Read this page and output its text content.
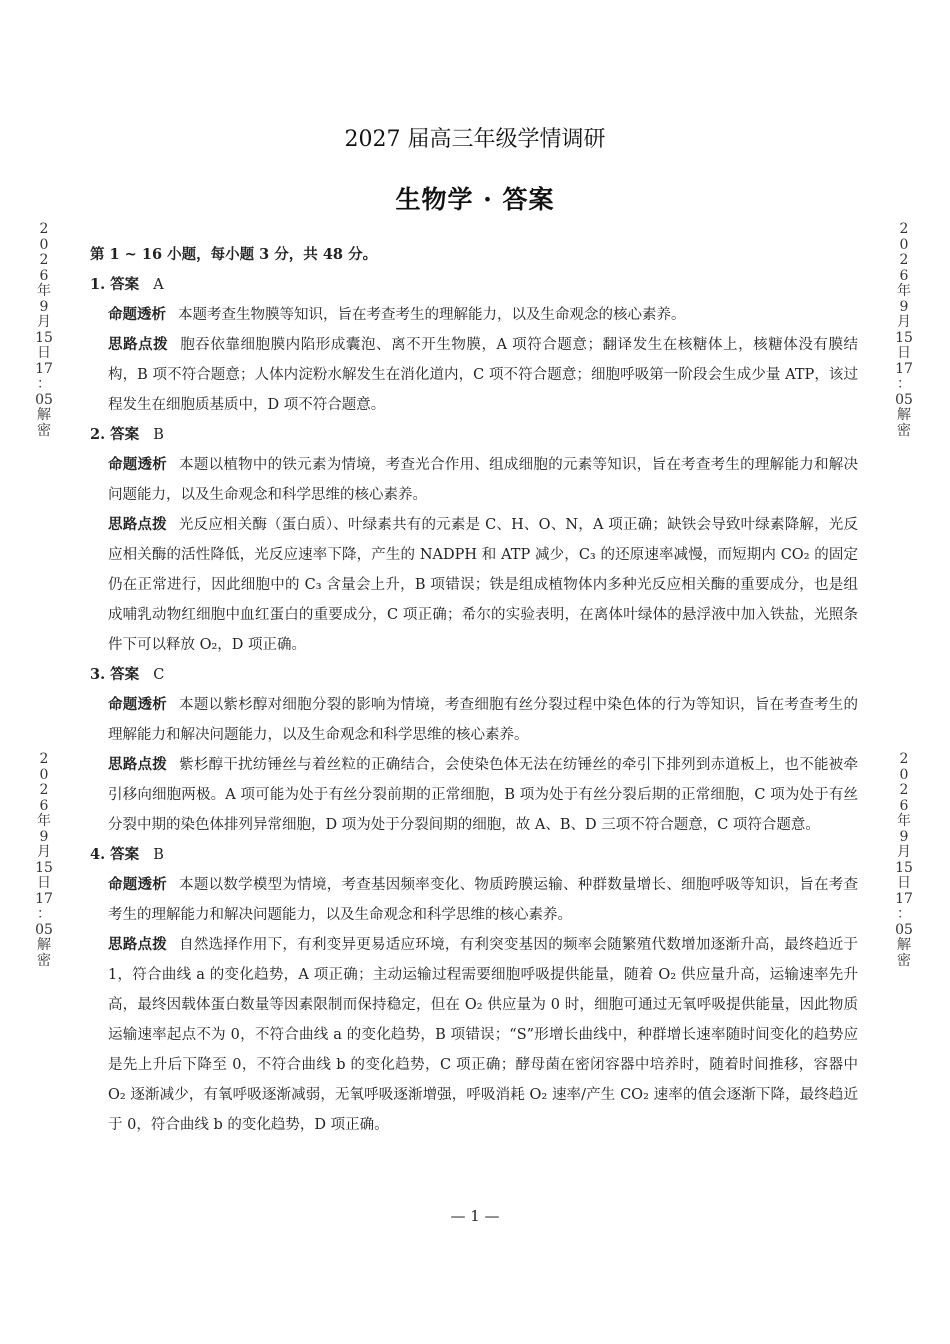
2027 届高三年级学情调研
生物学 · 答案
2
0
2
6
年
9
月
15
日
17
：
05
解
密
2
0
2
6
年
9
月
15
日
17
：
05
解
密
2
0
2
6
年
9
月
15
日
17
：
05
解
密
2
0
2
6
年
9
月
15
日
17
：
05
解
密

第 1 ~ 16 小题，每小题 3 分，共 48 分。

1. 答案 A

命题透析 本题考查生物膜等知识，旨在考查考生的理解能力，以及生命观念的核心素养。

思路点拨 胞吞依靠细胞膜内陷形成囊泡、离不开生物膜，A 项符合题意；翻译发生在核糖体上，核糖体没有膜结构，B 项不符合题意；人体内淀粉水解发生在消化道内，C 项不符合题意；细胞呼吸第一阶段会生成少量 ATP，该过程发生在细胞质基质中，D 项不符合题意。

2. 答案 B

命题透析 本题以植物中的铁元素为情境，考查光合作用、组成细胞的元素等知识，旨在考查考生的理解能力和解决问题能力，以及生命观念和科学思维的核心素养。

思路点拨 光反应相关酶（蛋白质）、叶绿素共有的元素是 C、H、O、N，A 项正确；缺铁会导致叶绿素降解，光反应相关酶的活性降低，光反应速率下降，产生的 NADPH 和 ATP 减少，C₃ 的还原速率减慢，而短期内 CO₂ 的固定仍在正常进行，因此细胞中的 C₃ 含量会上升，B 项错误；铁是组成植物体内多种光反应相关酶的重要成分，也是组成哺乳动物红细胞中血红蛋白的重要成分，C 项正确；希尔的实验表明，在离体叶绿体的悬浮液中加入铁盐，光照条件下可以释放 O₂，D 项正确。

3. 答案 C

命题透析 本题以紫杉醇对细胞分裂的影响为情境，考查细胞有丝分裂过程中染色体的行为等知识，旨在考查考生的理解能力和解决问题能力，以及生命观念和科学思维的核心素养。

思路点拨 紫杉醇干扰纺锤丝与着丝粒的正确结合，会使染色体无法在纺锤丝的牵引下排列到赤道板上，也不能被牵引移向细胞两极。A 项可能为处于有丝分裂前期的正常细胞，B 项为处于有丝分裂后期的正常细胞，C 项为处于有丝分裂中期的染色体排列异常细胞，D 项为处于分裂间期的细胞，故 A、B、D 三项不符合题意，C 项符合题意。

4. 答案 B

命题透析 本题以数学模型为情境，考查基因频率变化、物质跨膜运输、种群数量增长、细胞呼吸等知识，旨在考查考生的理解能力和解决问题能力，以及生命观念和科学思维的核心素养。

思路点拨 自然选择作用下，有利变异更易适应环境，有利突变基因的频率会随繁殖代数增加逐渐升高，最终趋近于 1，符合曲线 a 的变化趋势，A 项正确；主动运输过程需要细胞呼吸提供能量，随着 O₂ 供应量升高，运输速率先升高，最终因载体蛋白数量等因素限制而保持稳定，但在 O₂ 供应量为 0 时，细胞可通过无氧呼吸提供能量，因此物质运输速率起点不为 0，不符合曲线 a 的变化趋势，B 项错误；“S”形增长曲线中，种群增长速率随时间变化的趋势应是先上升后下降至 0，不符合曲线 b 的变化趋势，C 项正确；酵母菌在密闭容器中培养时，随着时间推移，容器中 O₂ 逐渐减少，有氧呼吸逐渐减弱，无氧呼吸逐渐增强，呼吸消耗 O₂ 速率/产生 CO₂ 速率的值会逐渐下降，最终趋近于 0，符合曲线 b 的变化趋势，D 项正确。

— 1 —
